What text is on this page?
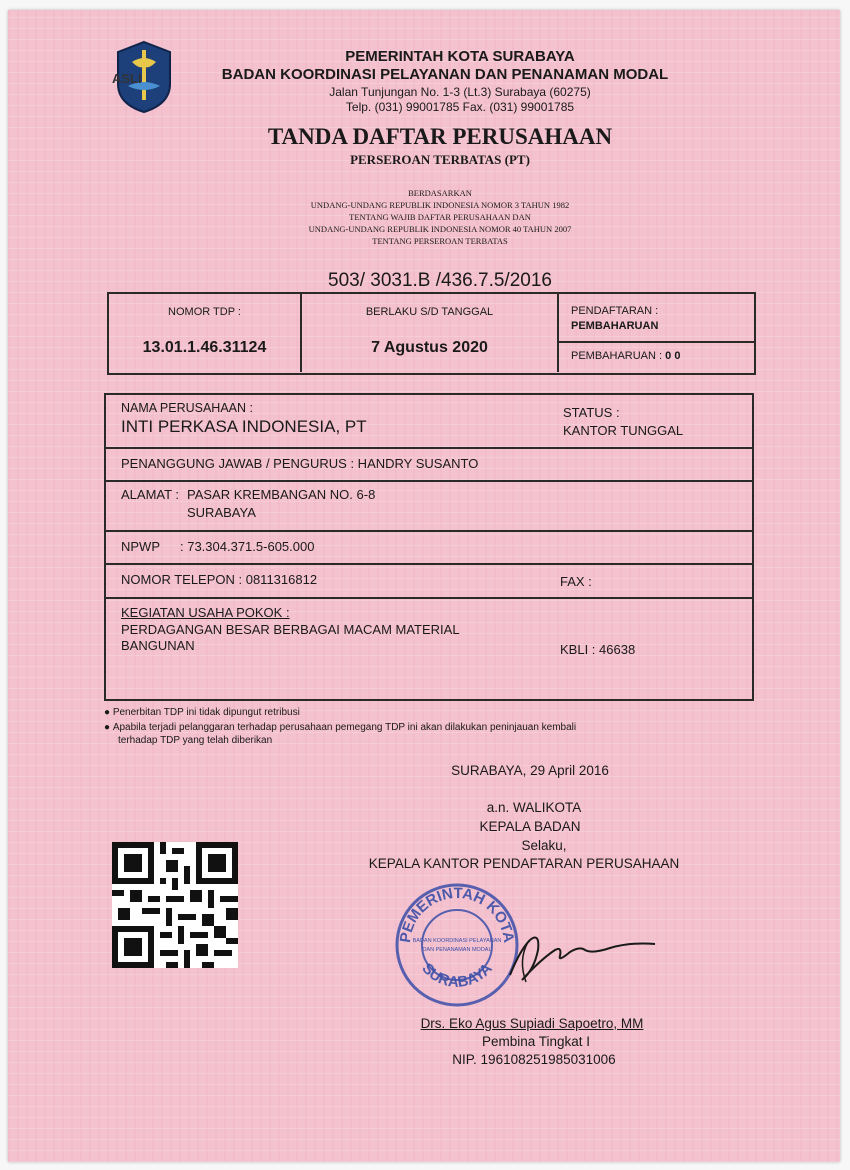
ASLI
PEMERINTAH KOTA SURABAYA
BADAN KOORDINASI PELAYANAN DAN PENANAMAN MODAL
Jalan Tunjungan No. 1-3 (Lt.3) Surabaya (60275)
Telp. (031) 99001785 Fax. (031) 99001785
TANDA DAFTAR PERUSAHAAN
PERSEROAN TERBATAS (PT)
BERDASARKAN
UNDANG-UNDANG REPUBLIK INDONESIA NOMOR 3 TAHUN 1982
TENTANG WAJIB DAFTAR PERUSAHAAN DAN
UNDANG-UNDANG REPUBLIK INDONESIA NOMOR 40 TAHUN 2007
TENTANG PERSEROAN TERBATAS
503/ 3031.B /436.7.5/2016
NOMOR TDP :
13.01.1.46.31124
BERLAKU S/D TANGGAL
7 Agustus 2020
PENDAFTARAN :
PEMBAHARUAN
PEMBAHARUAN : 0 0
NAMA PERUSAHAAN :
INTI PERKASA INDONESIA, PT
STATUS :
KANTOR TUNGGAL
PENANGGUNG JAWAB / PENGURUS : HANDRY SUSANTO
ALAMAT : PASAR KREMBANGAN NO. 6-8
SURABAYA
NPWP : 73.304.371.5-605.000
NOMOR TELEPON : 0811316812	FAX :
KEGIATAN USAHA POKOK :
PERDAGANGAN BESAR BERBAGAI MACAM MATERIAL
BANGUNAN	KBLI : 46638
● Penerbitan TDP ini tidak dipungut retribusi
● Apabila terjadi pelanggaran terhadap perusahaan pemegang TDP ini akan dilakukan peninjauan kembali
terhadap TDP yang telah diberikan
SURABAYA, 29 April 2016
a.n. WALIKOTA
KEPALA BADAN
Selaku,
KEPALA KANTOR PENDAFTARAN PERUSAHAAN
PEMERINTAH KOTA
SURABAYA
BADAN KOORDINASI PELAYANAN
DAN PENANAMAN MODAL
Drs. Eko Agus Supiadi Sapoetro, MM
Pembina Tingkat I
NIP. 196108251985031006
